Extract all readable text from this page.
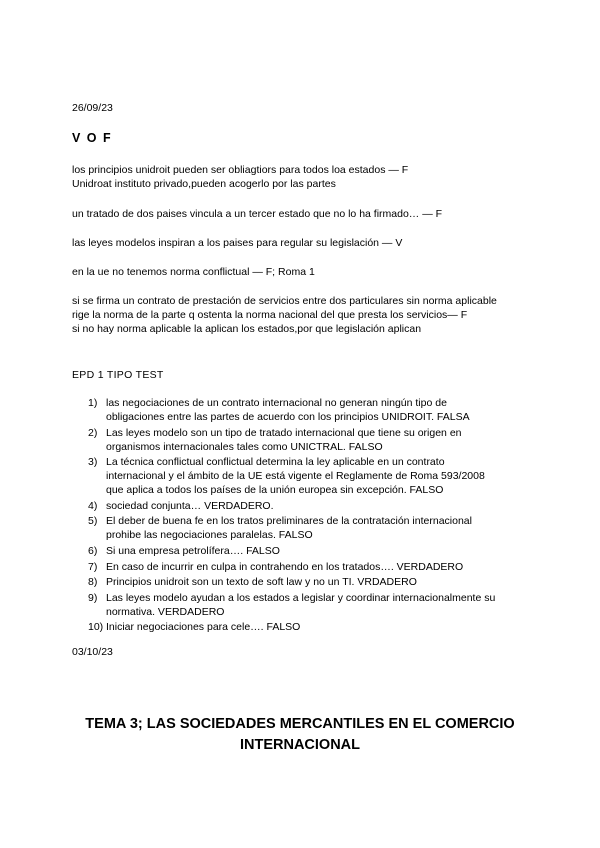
26/09/23
V O F
los principios unidroit pueden ser obliagtiors para todos loa estados — F
Unidroat instituto privado,pueden acogerlo por las partes
un tratado de dos paises vincula a un tercer estado que no lo ha firmado… — F
las leyes modelos inspiran a los paises para regular su legislación — V
en la ue no tenemos norma conflictual — F; Roma 1
si se firma un contrato de prestación de servicios entre dos particulares sin norma aplicable
rige la norma de la parte q ostenta la norma nacional del que presta los servicios— F
si no hay norma aplicable la aplican los estados,por que legislación aplican
EPD 1 TIPO TEST
1) las negociaciones de un contrato internacional no generan ningún tipo de
obligaciones entre las partes de acuerdo con los principios UNIDROIT. FALSA
2) Las leyes modelo son un tipo de tratado internacional que tiene su origen en
organismos internacionales tales como UNICTRAL. FALSO
3) La técnica conflictual conflictual determina la ley aplicable en un contrato
internacional y el ámbito de la UE está vigente el Reglamente de Roma 593/2008
que aplica a todos los países de la unión europea sin excepción. FALSO
4) sociedad conjunta… VERDADERO.
5) El deber de buena fe en los tratos preliminares de la contratación internacional
prohibe las negociaciones paralelas. FALSO
6) Si una empresa petrolífera…. FALSO
7) En caso de incurrir en culpa in contrahendo en los tratados…. VERDADERO
8) Principios unidroit son un texto de soft law y no un TI. VRDADERO
9) Las leyes modelo ayudan a los estados a legislar y coordinar internacionalmente su
normativa. VERDADERO
10) Iniciar negociaciones para cele…. FALSO
03/10/23
TEMA 3; LAS SOCIEDADES MERCANTILES EN EL COMERCIO
INTERNACIONAL
